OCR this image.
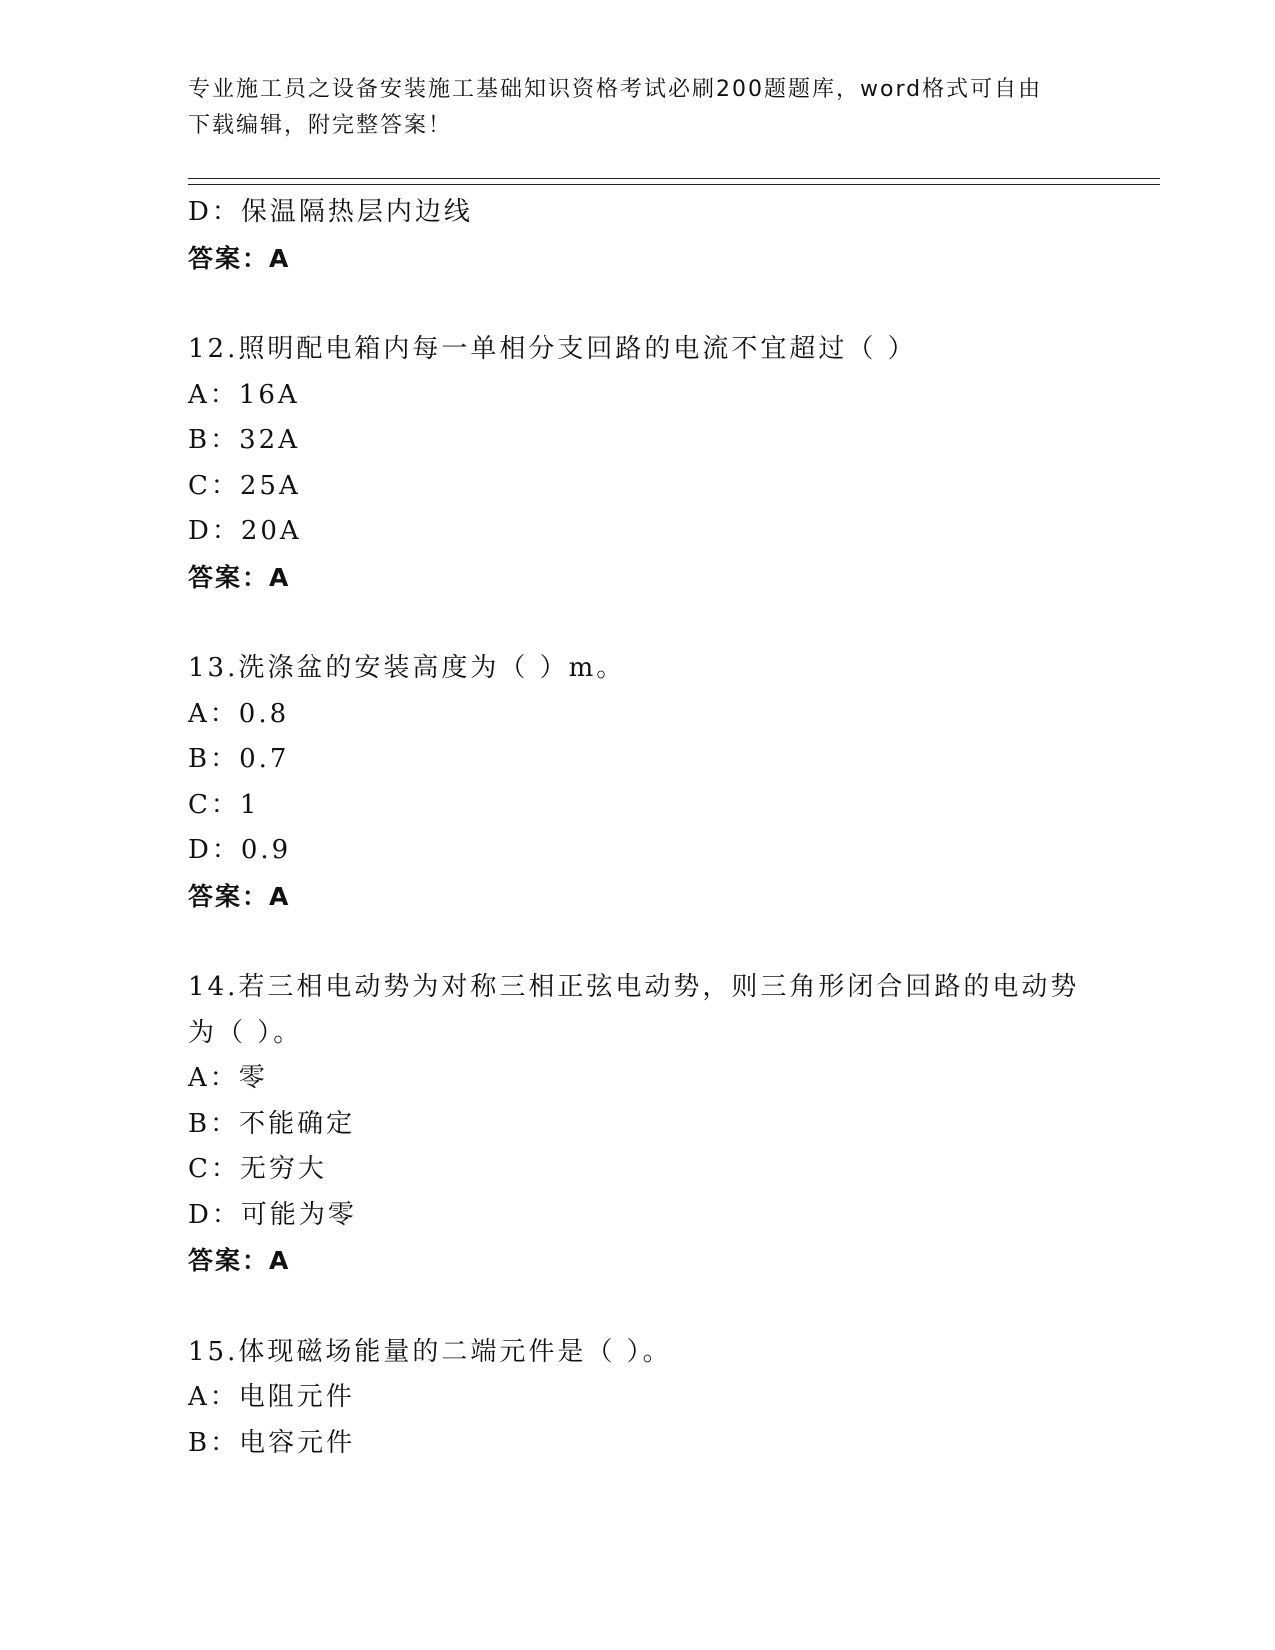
专业施工员之设备安装施工基础知识资格考试必刷200题题库，word格式可自由
下载编辑，附完整答案！
D：保温隔热层内边线
答案：A
12.照明配电箱内每一单相分支回路的电流不宜超过（ ）
A：16A
B：32A
C：25A
D：20A
答案：A
13.洗涤盆的安装高度为（ ）m。
A：0.8
B：0.7
C：1
D：0.9
答案：A
14.若三相电动势为对称三相正弦电动势，则三角形闭合回路的电动势
为（ ）。
A：零
B：不能确定
C：无穷大
D：可能为零
答案：A
15.体现磁场能量的二端元件是（ ）。
A：电阻元件
B：电容元件
